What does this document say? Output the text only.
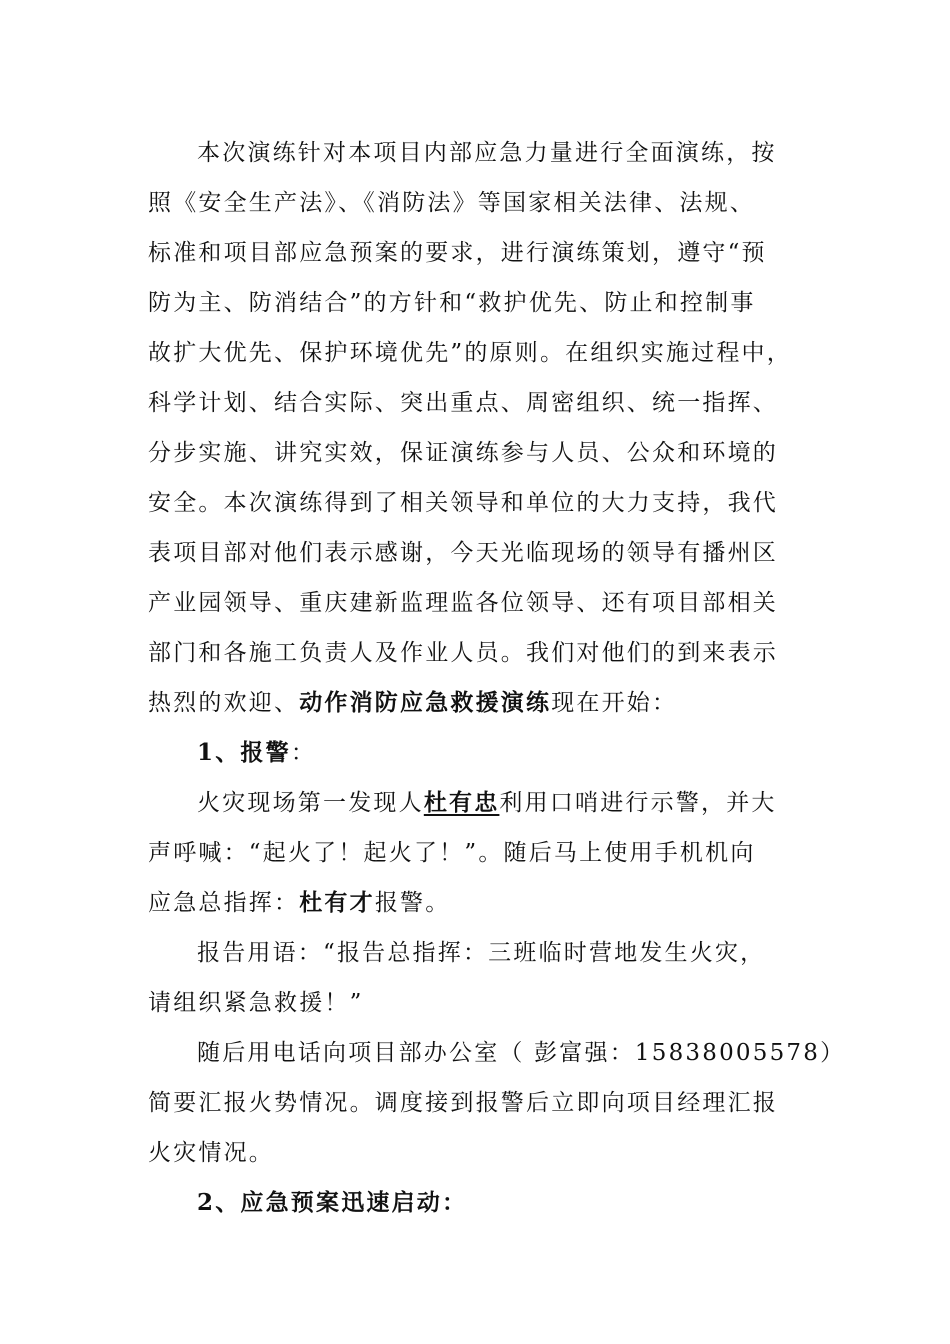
本次演练针对本项目内部应急力量进行全面演练，按
照《安全生产法》、《消防法》等国家相关法律、法规、
标准和项目部应急预案的要求，进行演练策划，遵守“预
防为主、防消结合”的方针和“救护优先、防止和控制事
故扩大优先、保护环境优先”的原则。在组织实施过程中，
科学计划、结合实际、突出重点、周密组织、统一指挥、
分步实施、讲究实效，保证演练参与人员、公众和环境的
安全。本次演练得到了相关领导和单位的大力支持，我代
表项目部对他们表示感谢，今天光临现场的领导有播州区
产业园领导、重庆建新监理监各位领导、还有项目部相关
部门和各施工负责人及作业人员。我们对他们的到来表示
热烈的欢迎、动作消防应急救援演练现在开始：
1、报警：
火灾现场第一发现人杜有忠利用口哨进行示警，并大
声呼喊：“起火了！起火了！”。随后马上使用手机机向
应急总指挥：杜有才报警。
报告用语：“报告总指挥：三班临时营地发生火灾，
请组织紧急救援！”
随后用电话向项目部办公室（ 彭富强：15838005578）
简要汇报火势情况。调度接到报警后立即向项目经理汇报
火灾情况。
2、应急预案迅速启动：
